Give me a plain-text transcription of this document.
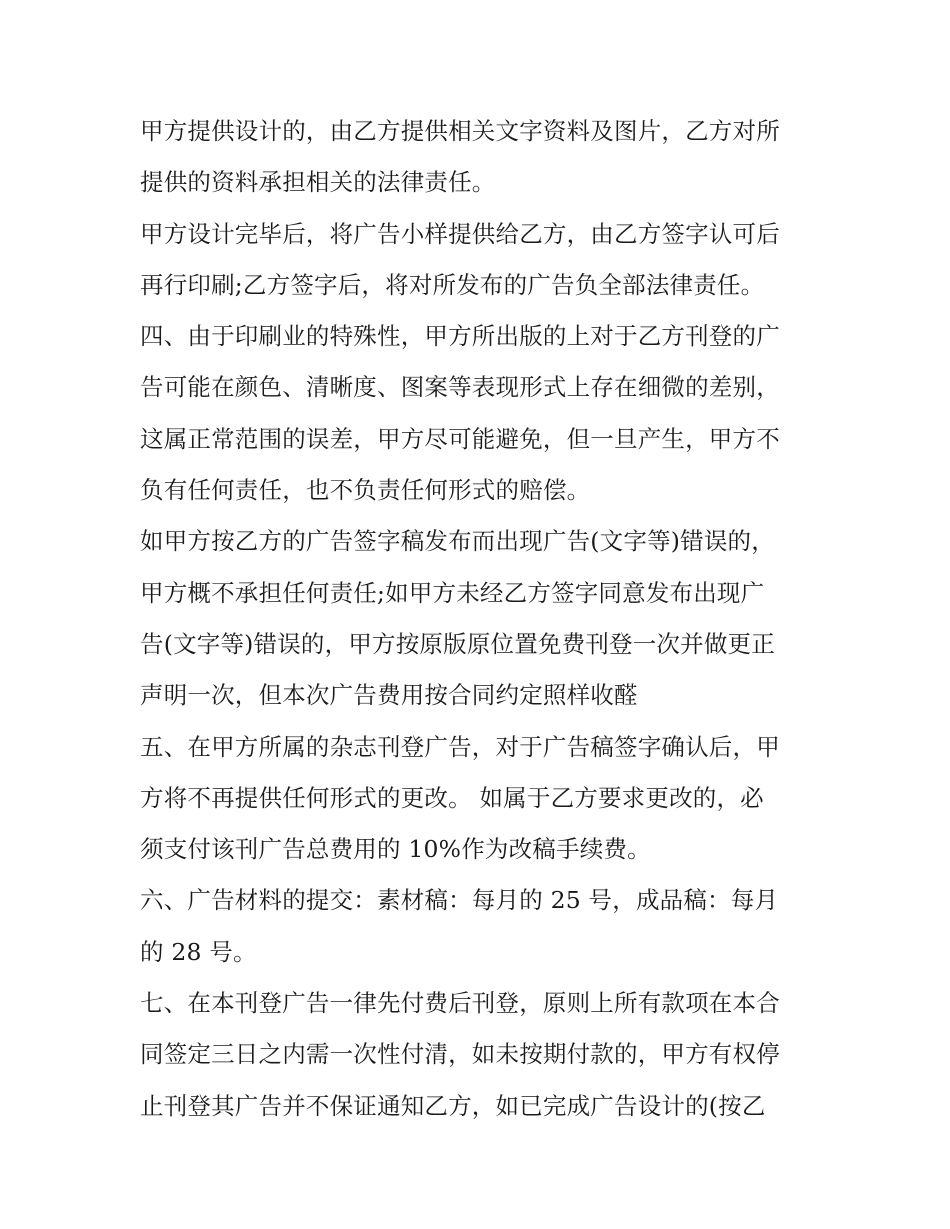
甲方提供设计的，由乙方提供相关文字资料及图片，乙方对所
提供的资料承担相关的法律责任。

甲方设计完毕后，将广告小样提供给乙方，由乙方签字认可后
再行印刷;乙方签字后，将对所发布的广告负全部法律责任。

四、由于印刷业的特殊性，甲方所出版的上对于乙方刊登的广
告可能在颜色、清晰度、图案等表现形式上存在细微的差别，
这属正常范围的误差，甲方尽可能避免，但一旦产生，甲方不
负有任何责任，也不负责任何形式的赔偿。

如甲方按乙方的广告签字稿发布而出现广告(文字等)错误的，
甲方概不承担任何责任;如甲方未经乙方签字同意发布出现广
告(文字等)错误的，甲方按原版原位置免费刊登一次并做更正
声明一次，但本次广告费用按合同约定照样收醛

五、在甲方所属的杂志刊登广告，对于广告稿签字确认后，甲
方将不再提供任何形式的更改。 如属于乙方要求更改的，必
须支付该刊广告总费用的 10%作为改稿手续费。

六、广告材料的提交：素材稿：每月的 25 号，成品稿：每月
的 28 号。

七、在本刊登广告一律先付费后刊登，原则上所有款项在本合
同签定三日之内需一次性付清，如未按期付款的，甲方有权停
止刊登其广告并不保证通知乙方，如已完成广告设计的(按乙
